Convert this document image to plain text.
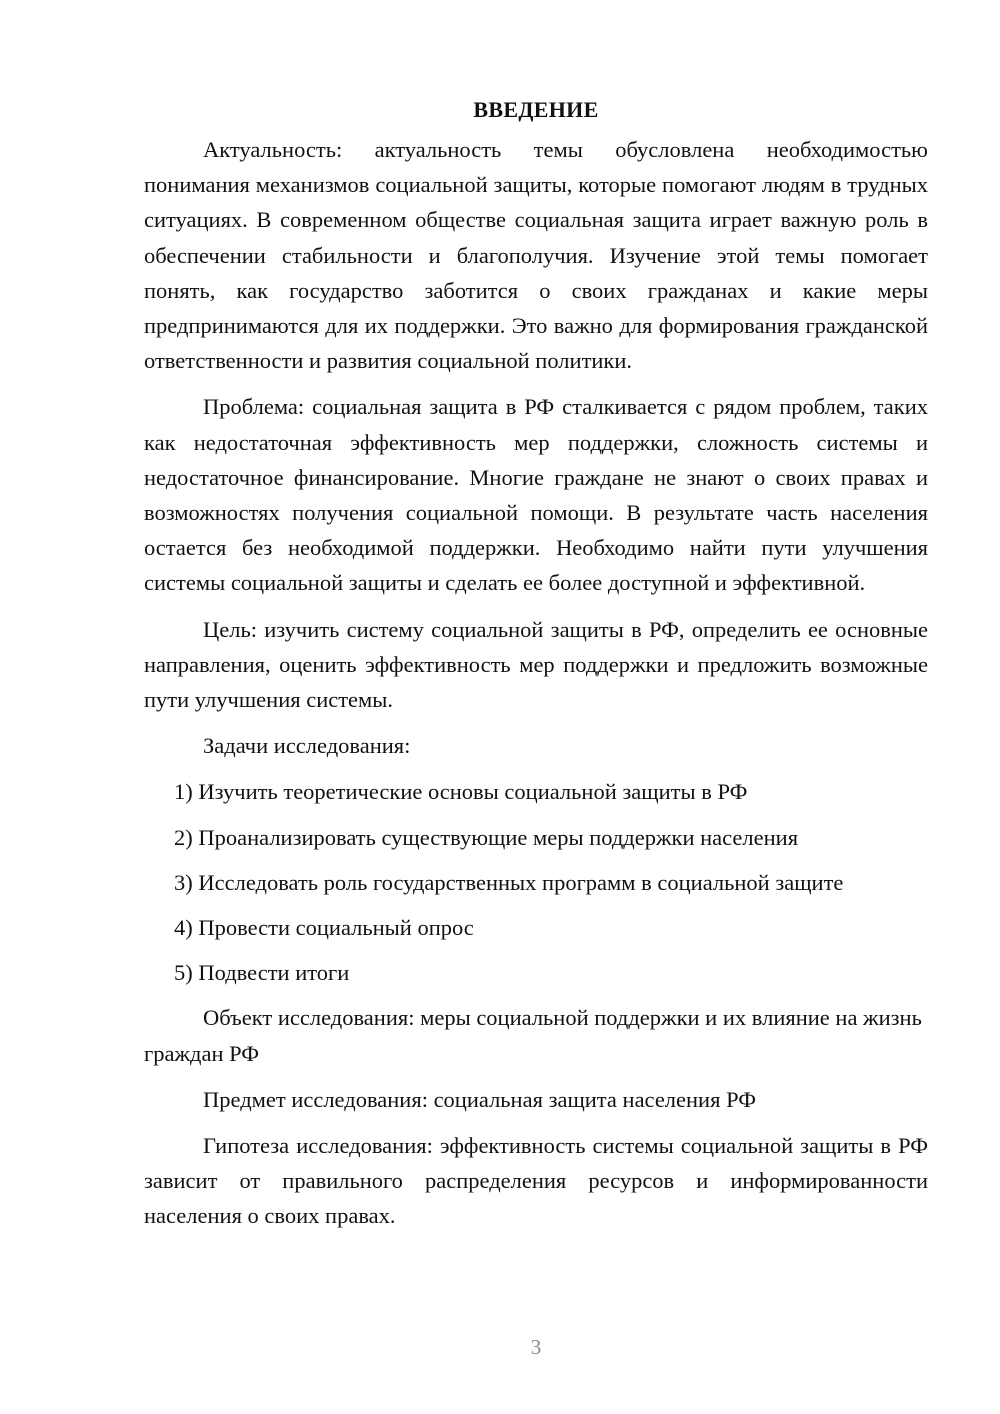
ВВЕДЕНИЕ

Актуальность: актуальность темы обусловлена необходимостью понимания механизмов социальной защиты, которые помогают людям в трудных ситуациях. В современном обществе социальная защита играет важную роль в обеспечении стабильности и благополучия. Изучение этой темы помогает понять, как государство заботится о своих гражданах и какие меры предпринимаются для их поддержки. Это важно для формирования гражданской ответственности и развития социальной политики.

Проблема: социальная защита в РФ сталкивается с рядом проблем, таких как недостаточная эффективность мер поддержки, сложность системы и недостаточное финансирование. Многие граждане не знают о своих правах и возможностях получения социальной помощи. В результате часть населения остается без необходимой поддержки. Необходимо найти пути улучшения системы социальной защиты и сделать ее более доступной и эффективной.

Цель: изучить систему социальной защиты в РФ, определить ее основные направления, оценить эффективность мер поддержки и предложить возможные пути улучшения системы.

Задачи исследования:

1) Изучить теоретические основы социальной защиты в РФ
2) Проанализировать существующие меры поддержки населения
3) Исследовать роль государственных программ в социальной защите
4) Провести социальный опрос
5) Подвести итоги

Объект исследования: меры социальной поддержки и их влияние на жизнь граждан РФ

Предмет исследования: социальная защита населения РФ

Гипотеза исследования: эффективность системы социальной защиты в РФ зависит от правильного распределения ресурсов и информированности населения о своих правах.

3
